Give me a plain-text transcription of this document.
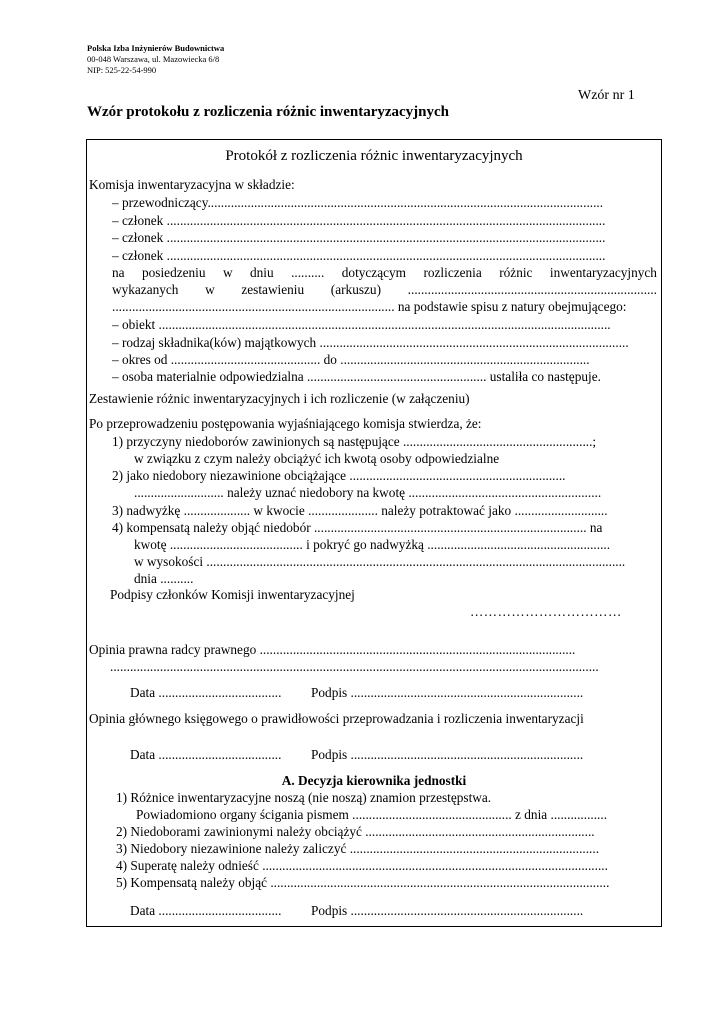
Polska Izba Inżynierów Budownictwa
00-048 Warszawa, ul. Mazowiecka 6/8
NIP: 525-22-54-990
Wzór nr 1
Wzór protokołu z rozliczenia różnic inwentaryzacyjnych
Protokół z rozliczenia różnic inwentaryzacyjnych
Komisja inwentaryzacyjna w składzie:
– przewodniczący.......................................................................................................................
– członek ....................................................................................................................................
– członek ....................................................................................................................................
– członek ....................................................................................................................................
na posiedzeniu w dniu .......... dotyczącym rozliczenia różnic inwentaryzacyjnych
wykazanych w zestawieniu (arkuszu) ...........................................................................
..................................................................................... na podstawie spisu z natury obejmującego:
– obiekt ........................................................................................................................................
– rodzaj składnika(ków) majątkowych .............................................................................................
– okres od ............................................. do ...........................................................................
– osoba materialnie odpowiedzialna ...................................................... ustaliła co następuje.
Zestawienie różnic inwentaryzacyjnych i ich rozliczenie (w załączeniu)
Po przeprowadzeniu postępowania wyjaśniającego komisja stwierdza, że:
1) przyczyny niedoborów zawinionych są następujące .........................................................;
w związku z czym należy obciążyć ich kwotą osoby odpowiedzialne
2) jako niedobory niezawinione obciążające .................................................................
........................... należy uznać niedobory na kwotę ..........................................................
3) nadwyżkę .................... w kwocie ..................... należy potraktować jako ............................
4) kompensatą należy objąć niedobór .................................................................................. na
kwotę ........................................ i pokryć go nadwyżką .......................................................
w wysokości ..............................................................................................................................
dnia ..........
Podpisy członków Komisji inwentaryzacyjnej
……………………………
Opinia prawna radcy prawnego ...............................................................................................
...................................................................................................................................................
Data ..................................... Podpis ......................................................................
Opinia głównego księgowego o prawidłowości przeprowadzania i rozliczenia inwentaryzacji
Data ..................................... Podpis ......................................................................
A. Decyzja kierownika jednostki
1) Różnice inwentaryzacyjne noszą (nie noszą) znamion przestępstwa.
Powiadomiono organy ścigania pismem ................................................ z dnia .................
2) Niedoborami zawinionymi należy obciążyć .....................................................................
3) Niedobory niezawinione należy zaliczyć ...........................................................................
4) Superatę należy odnieść ........................................................................................................
5) Kompensatą należy objąć ......................................................................................................
Data ..................................... Podpis ......................................................................
